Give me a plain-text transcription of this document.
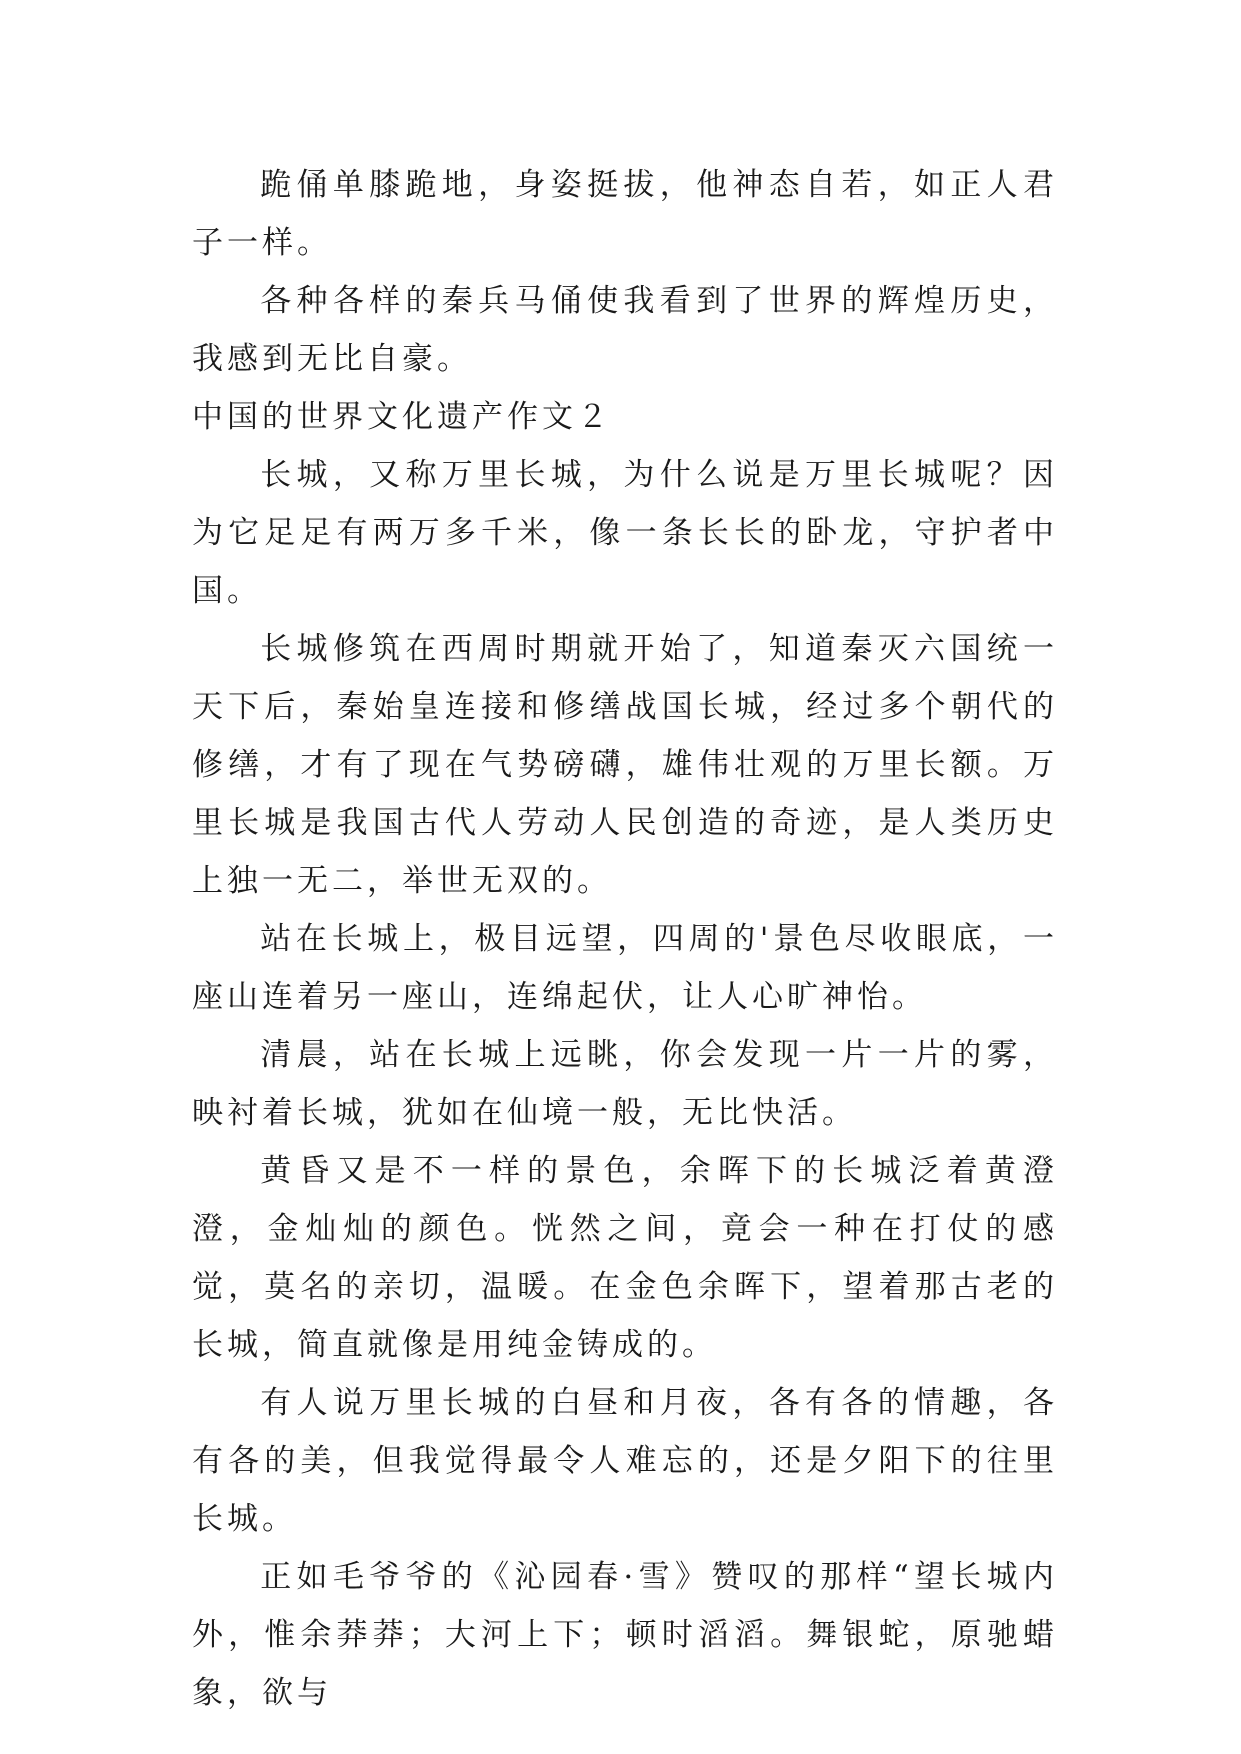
跪俑单膝跪地，身姿挺拔，他神态自若，如正人君子一样。

各种各样的秦兵马俑使我看到了世界的辉煌历史，我感到无比自豪。

中国的世界文化遗产作文２

长城，又称万里长城，为什么说是万里长城呢？因为它足足有两万多千米，像一条长长的卧龙，守护者中国。

长城修筑在西周时期就开始了，知道秦灭六国统一天下后，秦始皇连接和修缮战国长城，经过多个朝代的修缮，才有了现在气势磅礴，雄伟壮观的万里长额。万里长城是我国古代人劳动人民创造的奇迹，是人类历史上独一无二，举世无双的。

站在长城上，极目远望，四周的'景色尽收眼底，一座山连着另一座山，连绵起伏，让人心旷神怡。

清晨，站在长城上远眺，你会发现一片一片的雾，映衬着长城，犹如在仙境一般，无比快活。

黄昏又是不一样的景色，余晖下的长城泛着黄澄澄，金灿灿的颜色。恍然之间，竟会一种在打仗的感觉，莫名的亲切，温暖。在金色余晖下，望着那古老的长城，简直就像是用纯金铸成的。

有人说万里长城的白昼和月夜，各有各的情趣，各有各的美，但我觉得最令人难忘的，还是夕阳下的往里长城。

正如毛爷爷的《沁园春·雪》赞叹的那样“望长城内外，惟余莽莽；大河上下；顿时滔滔。舞银蛇，原驰蜡象，欲与
